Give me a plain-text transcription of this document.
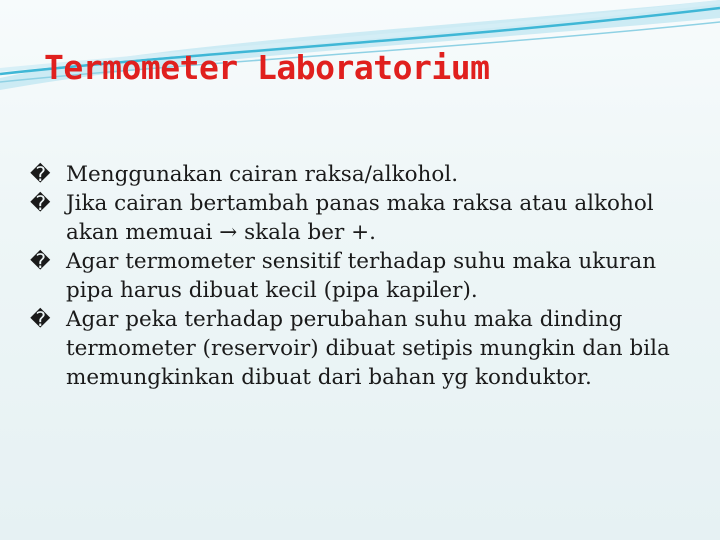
Termometer Laboratorium
� Menggunakan cairan raksa/alkohol.
� Jika cairan bertambah panas maka raksa atau alkohol akan memuai → skala ber +.
� Agar termometer sensitif terhadap suhu maka ukuran pipa harus dibuat kecil (pipa kapiler).
� Agar peka terhadap perubahan suhu maka dinding termometer (reservoir) dibuat setipis mungkin dan bila memungkinkan dibuat dari bahan yg konduktor.
